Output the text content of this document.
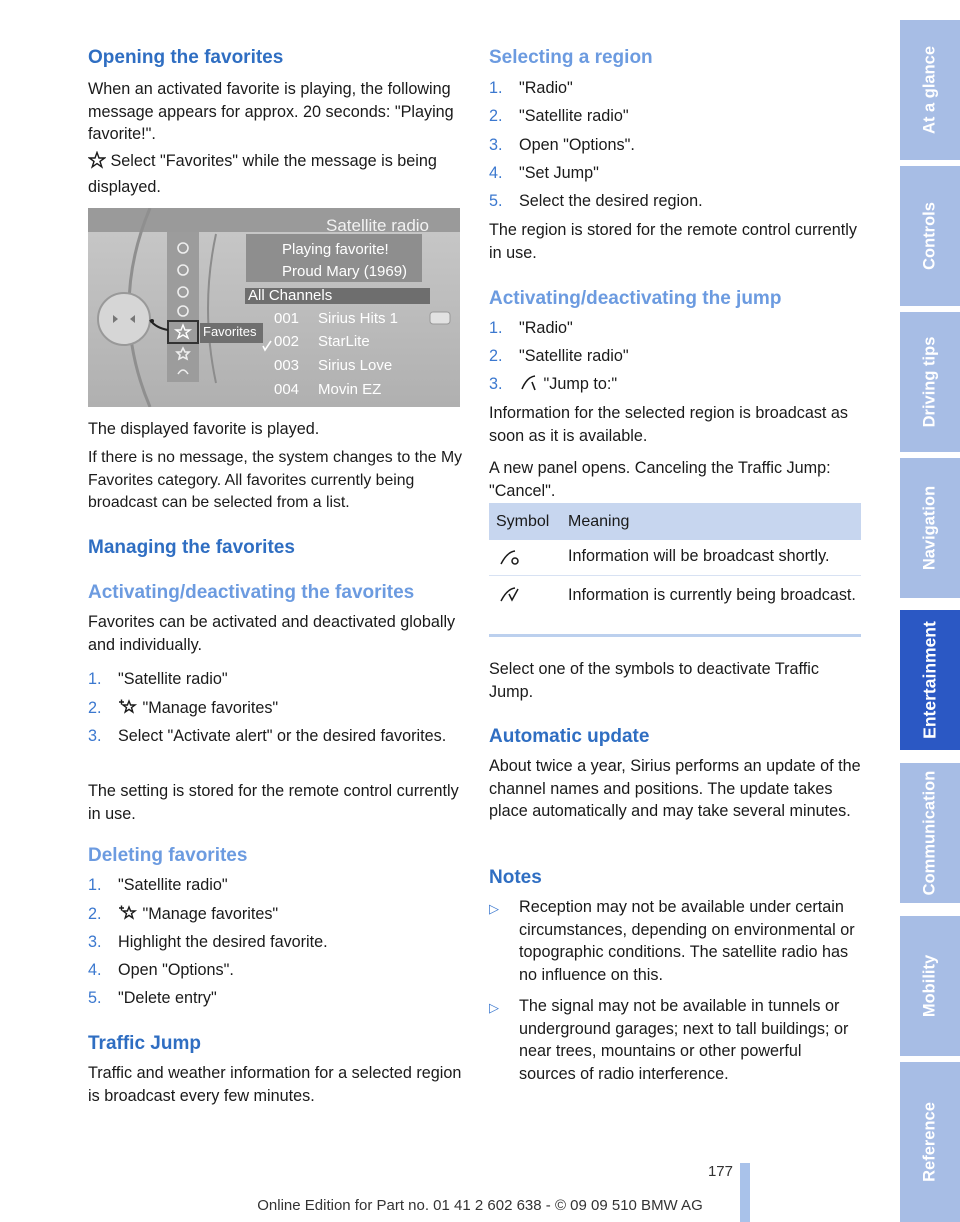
Opening the favorites
When an activated favorite is playing, the following message appears for approx. 20 seconds: "Playing favorite!".
Select "Favorites" while the message is being displayed.
Satellite radio
Playing favorite!
Proud Mary (1969)
All Channels
Favorites
001 Sirius Hits 1
002 StarLite
003 Sirius Love
004 Movin EZ
The displayed favorite is played.
If there is no message, the system changes to the My Favorites category. All favorites currently being broadcast can be selected from a list.
Managing the favorites
Activating/deactivating the favorites
Favorites can be activated and deactivated globally and individually.
1. "Satellite radio"
2.	"Manage favorites"
3. Select "Activate alert" or the desired favorites.
The setting is stored for the remote control currently in use.
Deleting favorites
1. "Satellite radio"
2.	"Manage favorites"
3. Highlight the desired favorite.
4. Open "Options".
5. "Delete entry"
Traffic Jump
Traffic and weather information for a selected region is broadcast every few minutes.
Selecting a region
1. "Radio"
2. "Satellite radio"
3. Open "Options".
4. "Set Jump"
5. Select the desired region.
The region is stored for the remote control currently in use.
Activating/deactivating the jump
1. "Radio"
2. "Satellite radio"
3.	"Jump to:"
Information for the selected region is broadcast as soon as it is available.
A new panel opens. Canceling the Traffic Jump: "Cancel".
Symbol Meaning
Information will be broadcast shortly.
Information is currently being broadcast.
Select one of the symbols to deactivate Traffic Jump.
Automatic update
About twice a year, Sirius performs an update of the channel names and positions. The update takes place automatically and may take several minutes.
Notes
▷ Reception may not be available under certain circumstances, depending on environmental or topographic conditions. The satellite radio has no influence on this.
▷ The signal may not be available in tunnels or underground garages; next to tall buildings; or near trees, mountains or other powerful sources of radio interference.
At a glance
Controls
Driving tips
Navigation
Entertainment
Communication
Mobility
Reference
177
Online Edition for Part no. 01 41 2 602 638 - © 09 09 510 BMW AG
